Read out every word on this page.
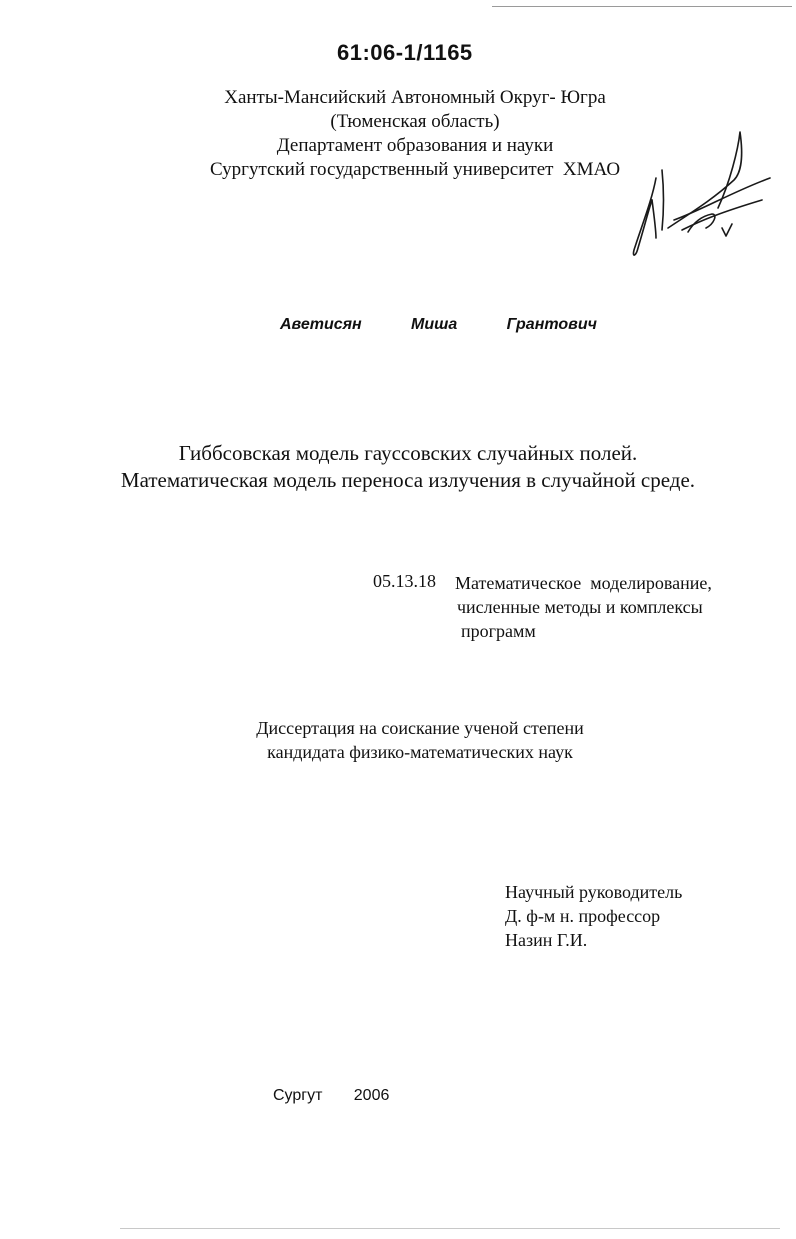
61:06-1/1165
Ханты-Мансийский Автономный Округ- Югра
(Тюменская область)
Департамент образования и науки
Сургутский государственный университет  ХМАО
Аветисян   Миша   Грантович
Гиббсовская модель гауссовских случайных полей.
Математическая модель переноса излучения в случайной среде.
05.13.18 Математическое  моделирование,
численные методы и комплексы
программ
Диссертация на соискание ученой степени
кандидата физико-математических наук
Научный руководитель
Д. ф-м н. профессор
Назин Г.И.
Сургут   2006
